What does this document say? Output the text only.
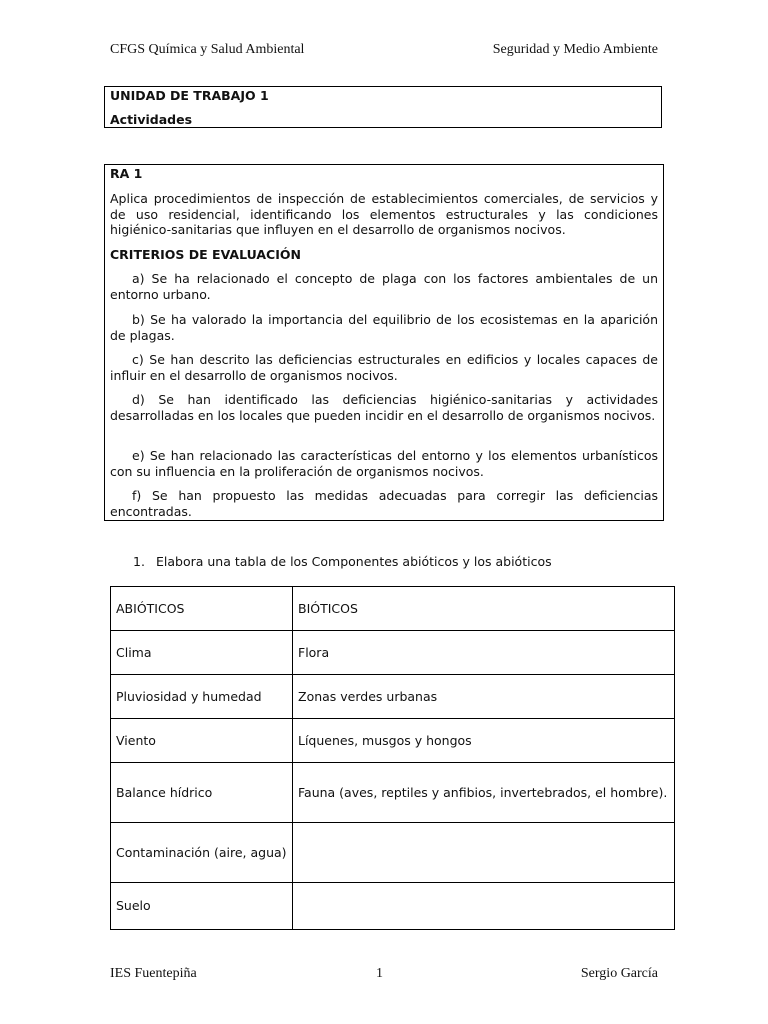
CFGS Química y Salud Ambiental	Seguridad y Medio Ambiente
UNIDAD DE TRABAJO 1
Actividades
RA 1
Aplica procedimientos de inspección de establecimientos comerciales, de servicios y de uso residencial, identificando los elementos estructurales y las condiciones higiénico-sanitarias que influyen en el desarrollo de organismos nocivos.
CRITERIOS DE EVALUACIÓN
a) Se ha relacionado el concepto de plaga con los factores ambientales de un entorno urbano.
b) Se ha valorado la importancia del equilibrio de los ecosistemas en la aparición de plagas.
c) Se han descrito las deficiencias estructurales en edificios y locales capaces de influir en el desarrollo de organismos nocivos.
d) Se han identificado las deficiencias higiénico-sanitarias y actividades desarrolladas en los locales que pueden incidir en el desarrollo de organismos nocivos.
e) Se han relacionado las características del entorno y los elementos urbanísticos con su influencia en la proliferación de organismos nocivos.
f) Se han propuesto las medidas adecuadas para corregir las deficiencias encontradas.
1. Elabora una tabla de los Componentes abióticos y los abióticos
ABIÓTICOS	BIÓTICOS
Clima	Flora
Pluviosidad y humedad	Zonas verdes urbanas
Viento	Líquenes, musgos y hongos
Balance hídrico	Fauna (aves, reptiles y anfibios, invertebrados, el hombre).
Contaminación (aire, agua)	
Suelo	
IES Fuentepiña	1	Sergio García
